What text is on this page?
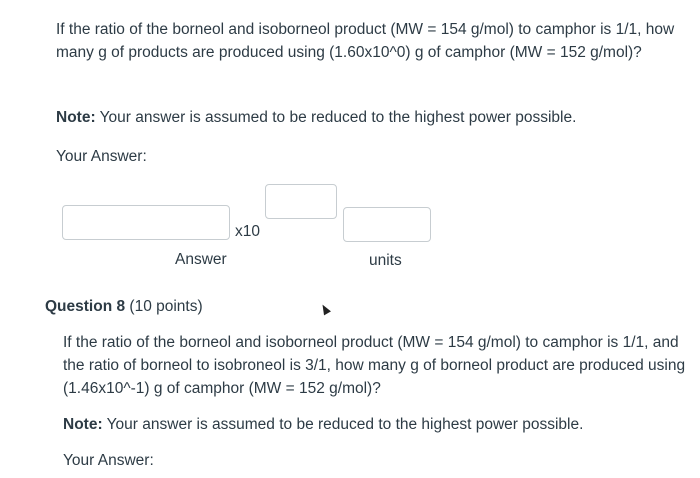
If the ratio of the borneol and isoborneol product (MW = 154 g/mol) to camphor is 1/1, how many g of products are produced using (1.60x10^0) g of camphor (MW = 152 g/mol)?

Note: Your answer is assumed to be reduced to the highest power possible.

Your Answer:

x10
Answer	units
Question 8 (10 points)

If the ratio of the borneol and isoborneol product (MW = 154 g/mol) to camphor is 1/1, and the ratio of borneol to isobroneol is 3/1, how many g of borneol product are produced using (1.46x10^-1) g of camphor (MW = 152 g/mol)?

Note: Your answer is assumed to be reduced to the highest power possible.

Your Answer:
